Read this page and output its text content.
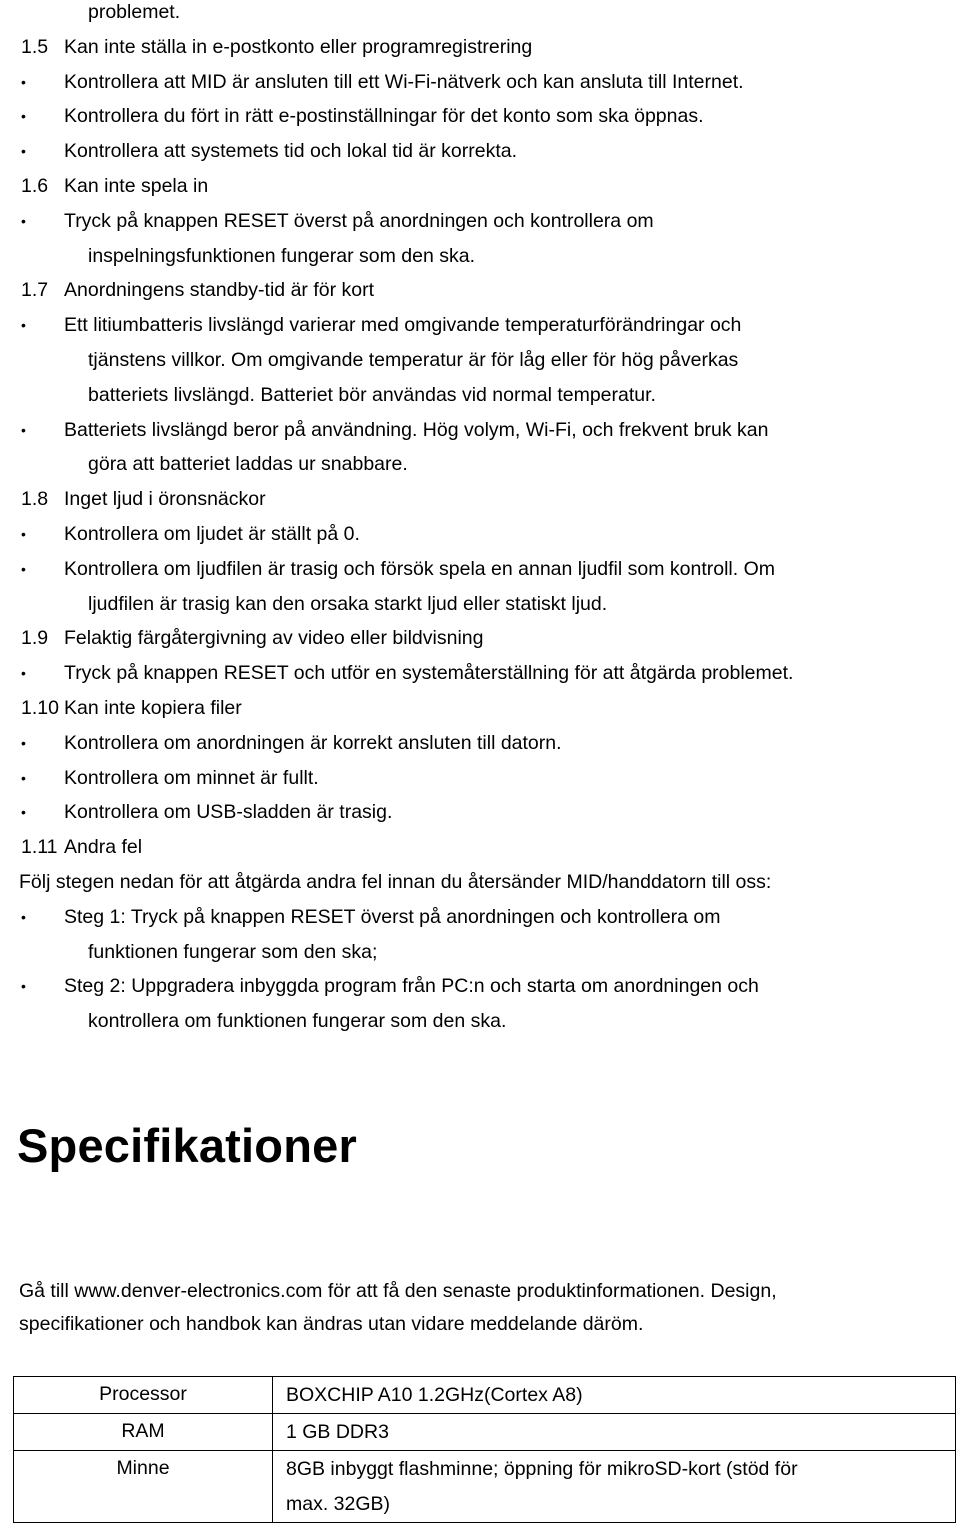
problemet.
1.5 Kan inte ställa in e-postkonto eller programregistrering
• Kontrollera att MID är ansluten till ett Wi-Fi-nätverk och kan ansluta till Internet.
• Kontrollera du fört in rätt e-postinställningar för det konto som ska öppnas.
• Kontrollera att systemets tid och lokal tid är korrekta.
1.6 Kan inte spela in
• Tryck på knappen RESET överst på anordningen och kontrollera om
inspelningsfunktionen fungerar som den ska.
1.7 Anordningens standby-tid är för kort
• Ett litiumbatteris livslängd varierar med omgivande temperaturförändringar och
tjänstens villkor. Om omgivande temperatur är för låg eller för hög påverkas
batteriets livslängd. Batteriet bör användas vid normal temperatur.
• Batteriets livslängd beror på användning. Hög volym, Wi-Fi, och frekvent bruk kan
göra att batteriet laddas ur snabbare.
1.8 Inget ljud i öronsnäckor
• Kontrollera om ljudet är ställt på 0.
• Kontrollera om ljudfilen är trasig och försök spela en annan ljudfil som kontroll. Om
ljudfilen är trasig kan den orsaka starkt ljud eller statiskt ljud.
1.9 Felaktig färgåtergivning av video eller bildvisning
• Tryck på knappen RESET och utför en systemåterställning för att åtgärda problemet.
1.10 Kan inte kopiera filer
• Kontrollera om anordningen är korrekt ansluten till datorn.
• Kontrollera om minnet är fullt.
• Kontrollera om USB-sladden är trasig.
1.11 Andra fel
Följ stegen nedan för att åtgärda andra fel innan du återsänder MID/handdatorn till oss:
• Steg 1: Tryck på knappen RESET överst på anordningen och kontrollera om
funktionen fungerar som den ska;
• Steg 2: Uppgradera inbyggda program från PC:n och starta om anordningen och
kontrollera om funktionen fungerar som den ska.
Specifikationer
Gå till www.denver-electronics.com för att få den senaste produktinformationen. Design,
specifikationer och handbok kan ändras utan vidare meddelande däröm.
Processor	BOXCHIP A10 1.2GHz(Cortex A8)
RAM	1 GB DDR3
Minne	8GB inbyggt flashminne; öppning för mikroSD-kort (stöd för
max. 32GB)
